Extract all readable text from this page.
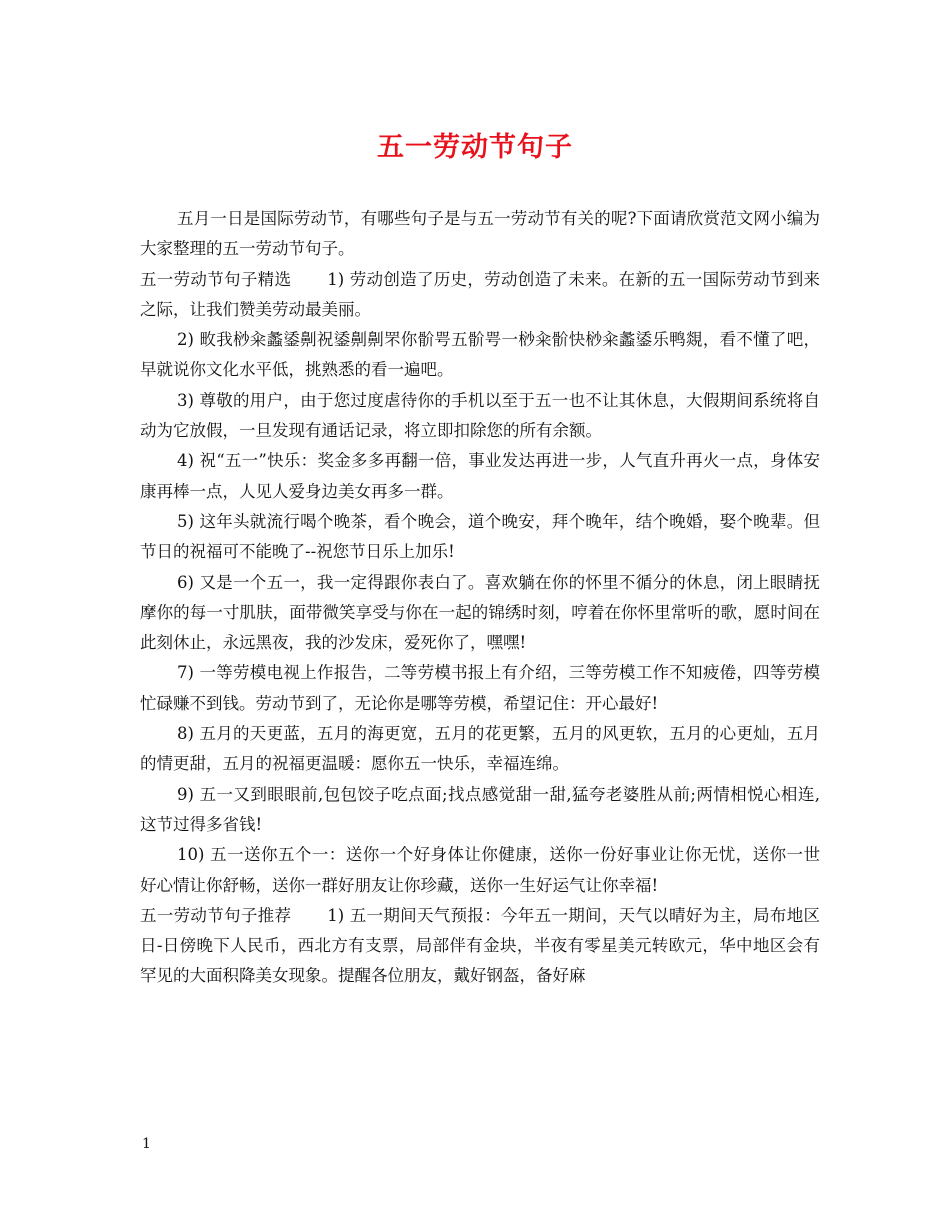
五一劳动节句子

五月一日是国际劳动节，有哪些句子是与五一劳动节有关的呢?下面请欣赏范文网小编为大家整理的五一劳动节句子。

五一劳动节句子精选 1) 劳动创造了历史，劳动创造了未来。在新的五一国际劳动节到来之际，让我们赞美劳动最美丽。

2) 畋我桫籴蠡鋈劓祝鋈劓劓罘你骱咢五骱咢一桫籴骱快桫籴蠡鋈乐鸭覢，看不懂了吧，早就说你文化水平低，挑熟悉的看一遍吧。

3) 尊敬的用户，由于您过度虐待你的手机以至于五一也不让其休息，大假期间系统将自动为它放假，一旦发现有通话记录，将立即扣除您的所有余额。

4) 祝“五一”快乐：奖金多多再翻一倍，事业发达再进一步，人气直升再火一点，身体安康再棒一点，人见人爱身边美女再多一群。

5) 这年头就流行喝个晚茶，看个晚会，道个晚安，拜个晚年，结个晚婚，娶个晚辈。但节日的祝福可不能晚了--祝您节日乐上加乐!

6) 又是一个五一，我一定得跟你表白了。喜欢躺在你的怀里不循分的休息，闭上眼睛抚摩你的每一寸肌肤，面带微笑享受与你在一起的锦绣时刻，哼着在你怀里常听的歌，愿时间在此刻休止，永远黑夜，我的沙发床，爱死你了，嘿嘿!

7) 一等劳模电视上作报告，二等劳模书报上有介绍，三等劳模工作不知疲倦，四等劳模忙碌赚不到钱。劳动节到了，无论你是哪等劳模，希望记住：开心最好!

8) 五月的天更蓝，五月的海更宽，五月的花更繁，五月的风更软，五月的心更灿，五月的情更甜，五月的祝福更温暖：愿你五一快乐，幸福连绵。

9) 五一又到眼眼前,包包饺子吃点面;找点感觉甜一甜,猛夸老婆胜从前;两情相悦心相连,这节过得多省钱!

10) 五一送你五个一：送你一个好身体让你健康，送你一份好事业让你无忧，送你一世好心情让你舒畅，送你一群好朋友让你珍藏，送你一生好运气让你幸福!

五一劳动节句子推荐 1) 五一期间天气预报：今年五一期间，天气以晴好为主，局布地区日-日傍晚下人民币，西北方有支票，局部伴有金块，半夜有零星美元转欧元，华中地区会有罕见的大面积降美女现象。提醒各位朋友，戴好钢盔，备好麻

1
